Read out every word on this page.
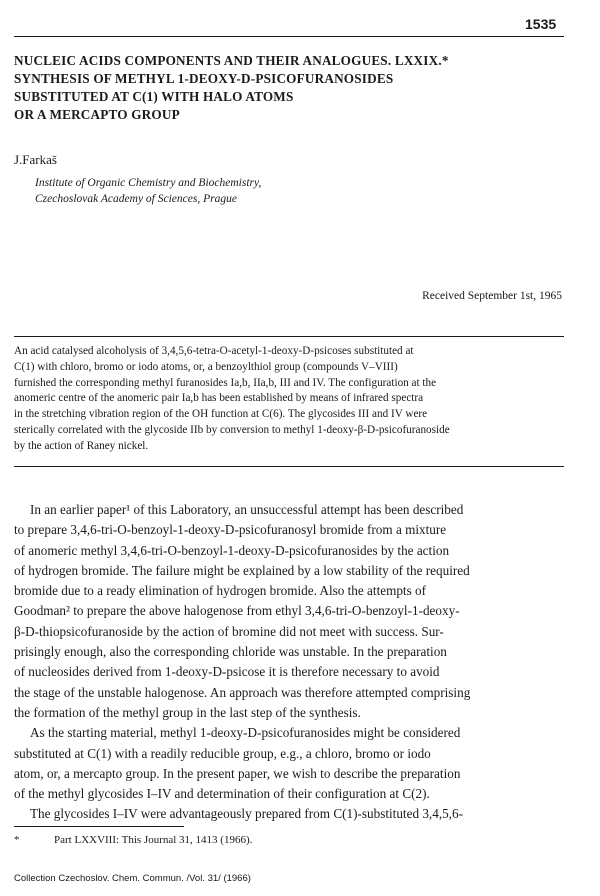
1535
NUCLEIC ACIDS COMPONENTS AND THEIR ANALOGUES. LXXIX.*
SYNTHESIS OF METHYL 1-DEOXY-D-PSICOFURANOSIDES
SUBSTITUTED AT C(1) WITH HALO ATOMS
OR A MERCAPTO GROUP
J.Farkaš
Institute of Organic Chemistry and Biochemistry,
Czechoslovak Academy of Sciences, Prague
Received September 1st, 1965
An acid catalysed alcoholysis of 3,4,5,6-tetra-O-acetyl-1-deoxy-D-psicoses substituted at
C(1) with chloro, bromo or iodo atoms, or, a benzoylthiol group (compounds V–VIII)
furnished the corresponding methyl furanosides Ia,b, IIa,b, III and IV. The configuration at the
anomeric centre of the anomeric pair Ia,b has been established by means of infrared spectra
in the stretching vibration region of the OH function at C(6). The glycosides III and IV were
sterically correlated with the glycoside IIb by conversion to methyl 1-deoxy-β-D-psicofuranoside
by the action of Raney nickel.
In an earlier paper¹ of this Laboratory, an unsuccessful attempt has been described
to prepare 3,4,6-tri-O-benzoyl-1-deoxy-D-psicofuranosyl bromide from a mixture
of anomeric methyl 3,4,6-tri-O-benzoyl-1-deoxy-D-psicofuranosides by the action
of hydrogen bromide. The failure might be explained by a low stability of the required
bromide due to a ready elimination of hydrogen bromide. Also the attempts of
Goodman² to prepare the above halogenose from ethyl 3,4,6-tri-O-benzoyl-1-deoxy-
β-D-thiopsicofuranoside by the action of bromine did not meet with success. Sur-
prisingly enough, also the corresponding chloride was unstable. In the preparation
of nucleosides derived from 1-deoxy-D-psicose it is therefore necessary to avoid
the stage of the unstable halogenose. An approach was therefore attempted comprising
the formation of the methyl group in the last step of the synthesis.
As the starting material, methyl 1-deoxy-D-psicofuranosides might be considered
substituted at C(1) with a readily reducible group, e.g., a chloro, bromo or iodo
atom, or, a mercapto group. In the present paper, we wish to describe the preparation
of the methyl glycosides I–IV and determination of their configuration at C(2).
The glycosides I–IV were advantageously prepared from C(1)-substituted 3,4,5,6-
*	Part LXXVIII: This Journal 31, 1413 (1966).
Collection Czechoslov. Chem. Commun. /Vol. 31/ (1966)
